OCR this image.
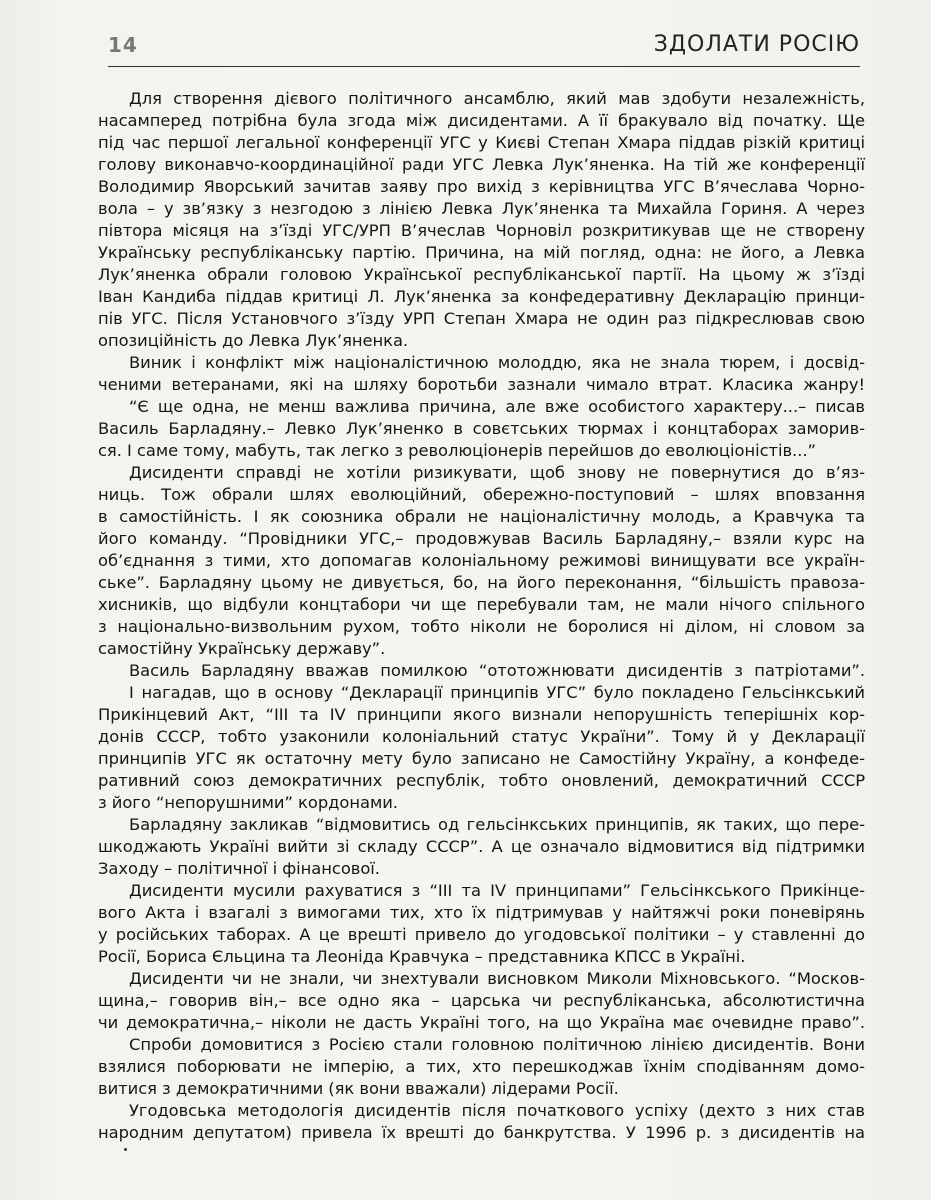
14	ЗДОЛАТИ РОСІЮ
Для створення дієвого політичного ансамблю, який мав здобути незалежність,
насамперед потрібна була згода між дисидентами. А її бракувало від початку. Ще
під час першої легальної конференції УГС у Києві Степан Хмара піддав різкій критиці
голову виконавчо-координаційної ради УГС Левка Лук’яненка. На тій же конференції
Володимир Яворський зачитав заяву про вихід з керівництва УГС В’ячеслава Чорно-
вола – у зв’язку з незгодою з лінією Левка Лук’яненка та Михайла Гориня. А через
півтора місяця на з’їзді УГС/УРП В’ячеслав Чорновіл розкритикував ще не створену
Українську республіканську партію. Причина, на мій погляд, одна: не його, а Левка
Лук’яненка обрали головою Української республіканської партії. На цьому ж з’їзді
Іван Кандиба піддав критиці Л. Лук’яненка за конфедеративну Декларацію принци-
пів УГС. Після Установчого з’їзду УРП Степан Хмара не один раз підкреслював свою
опозиційність до Левка Лук’яненка.
Виник і конфлікт між націоналістичною молоддю, яка не знала тюрем, і досвід-
ченими ветеранами, які на шляху боротьби зазнали чимало втрат. Класика жанру!
“Є ще одна, не менш важлива причина, але вже особистого характеру...– писав
Василь Барладяну.– Левко Лук’яненко в совєтських тюрмах і концтаборах заморив-
ся. І саме тому, мабуть, так легко з революціонерів перейшов до еволюціоністів...”
Дисиденти справді не хотіли ризикувати, щоб знову не повернутися до в’яз-
ниць. Тож обрали шлях еволюційний, обережно-поступовий – шлях вповзання
в самостійність. І як союзника обрали не націоналістичну молодь, а Кравчука та
його команду. “Провідники УГС,– продовжував Василь Барладяну,– взяли курс на
об’єднання з тими, хто допомагав колоніальному режимові винищувати все україн-
ське”. Барладяну цьому не дивується, бо, на його переконання, “більшість правоза-
хисників, що відбули концтабори чи ще перебували там, не мали нічого спільного
з національно-визвольним рухом, тобто ніколи не боролися ні ділом, ні словом за
самостійну Українську державу”.
Василь Барладяну вважав помилкою “ототожнювати дисидентів з патріотами”.
І нагадав, що в основу “Декларації принципів УГС” було покладено Гельсінкський
Прикінцевий Акт, “ІІІ та IV принципи якого визнали непорушність теперішніх кор-
донів СССР, тобто узаконили колоніальний статус України”. Тому й у Декларації
принципів УГС як остаточну мету було записано не Самостійну Україну, а конфеде-
ративний союз демократичних республік, тобто оновлений, демократичний СССР
з його “непорушними” кордонами.
Барладяну закликав “відмовитись од гельсінкських принципів, як таких, що пере-
шкоджають Україні вийти зі складу СССР”. А це означало відмовитися від підтримки
Заходу – політичної і фінансової.
Дисиденти мусили рахуватися з “ІІІ та IV принципами” Гельсінкського Прикінце-
вого Акта і взагалі з вимогами тих, хто їх підтримував у найтяжчі роки поневірянь
у російських таборах. А це врешті привело до угодовської політики – у ставленні до
Росії, Бориса Єльцина та Леоніда Кравчука – представника КПСС в Україні.
Дисиденти чи не знали, чи знехтували висновком Миколи Міхновського. “Москов-
щина,– говорив він,– все одно яка – царська чи республіканська, абсолютистична
чи демократична,– ніколи не дасть Україні того, на що Україна має очевидне право”.
Спроби домовитися з Росією стали головною політичною лінією дисидентів. Вони
взялися поборювати не імперію, а тих, хто перешкоджав їхнім сподіванням домо-
витися з демократичними (як вони вважали) лідерами Росії.
Угодовська методологія дисидентів після початкового успіху (дехто з них став
народним депутатом) привела їх врешті до банкрутства. У 1996 р. з дисидентів на
